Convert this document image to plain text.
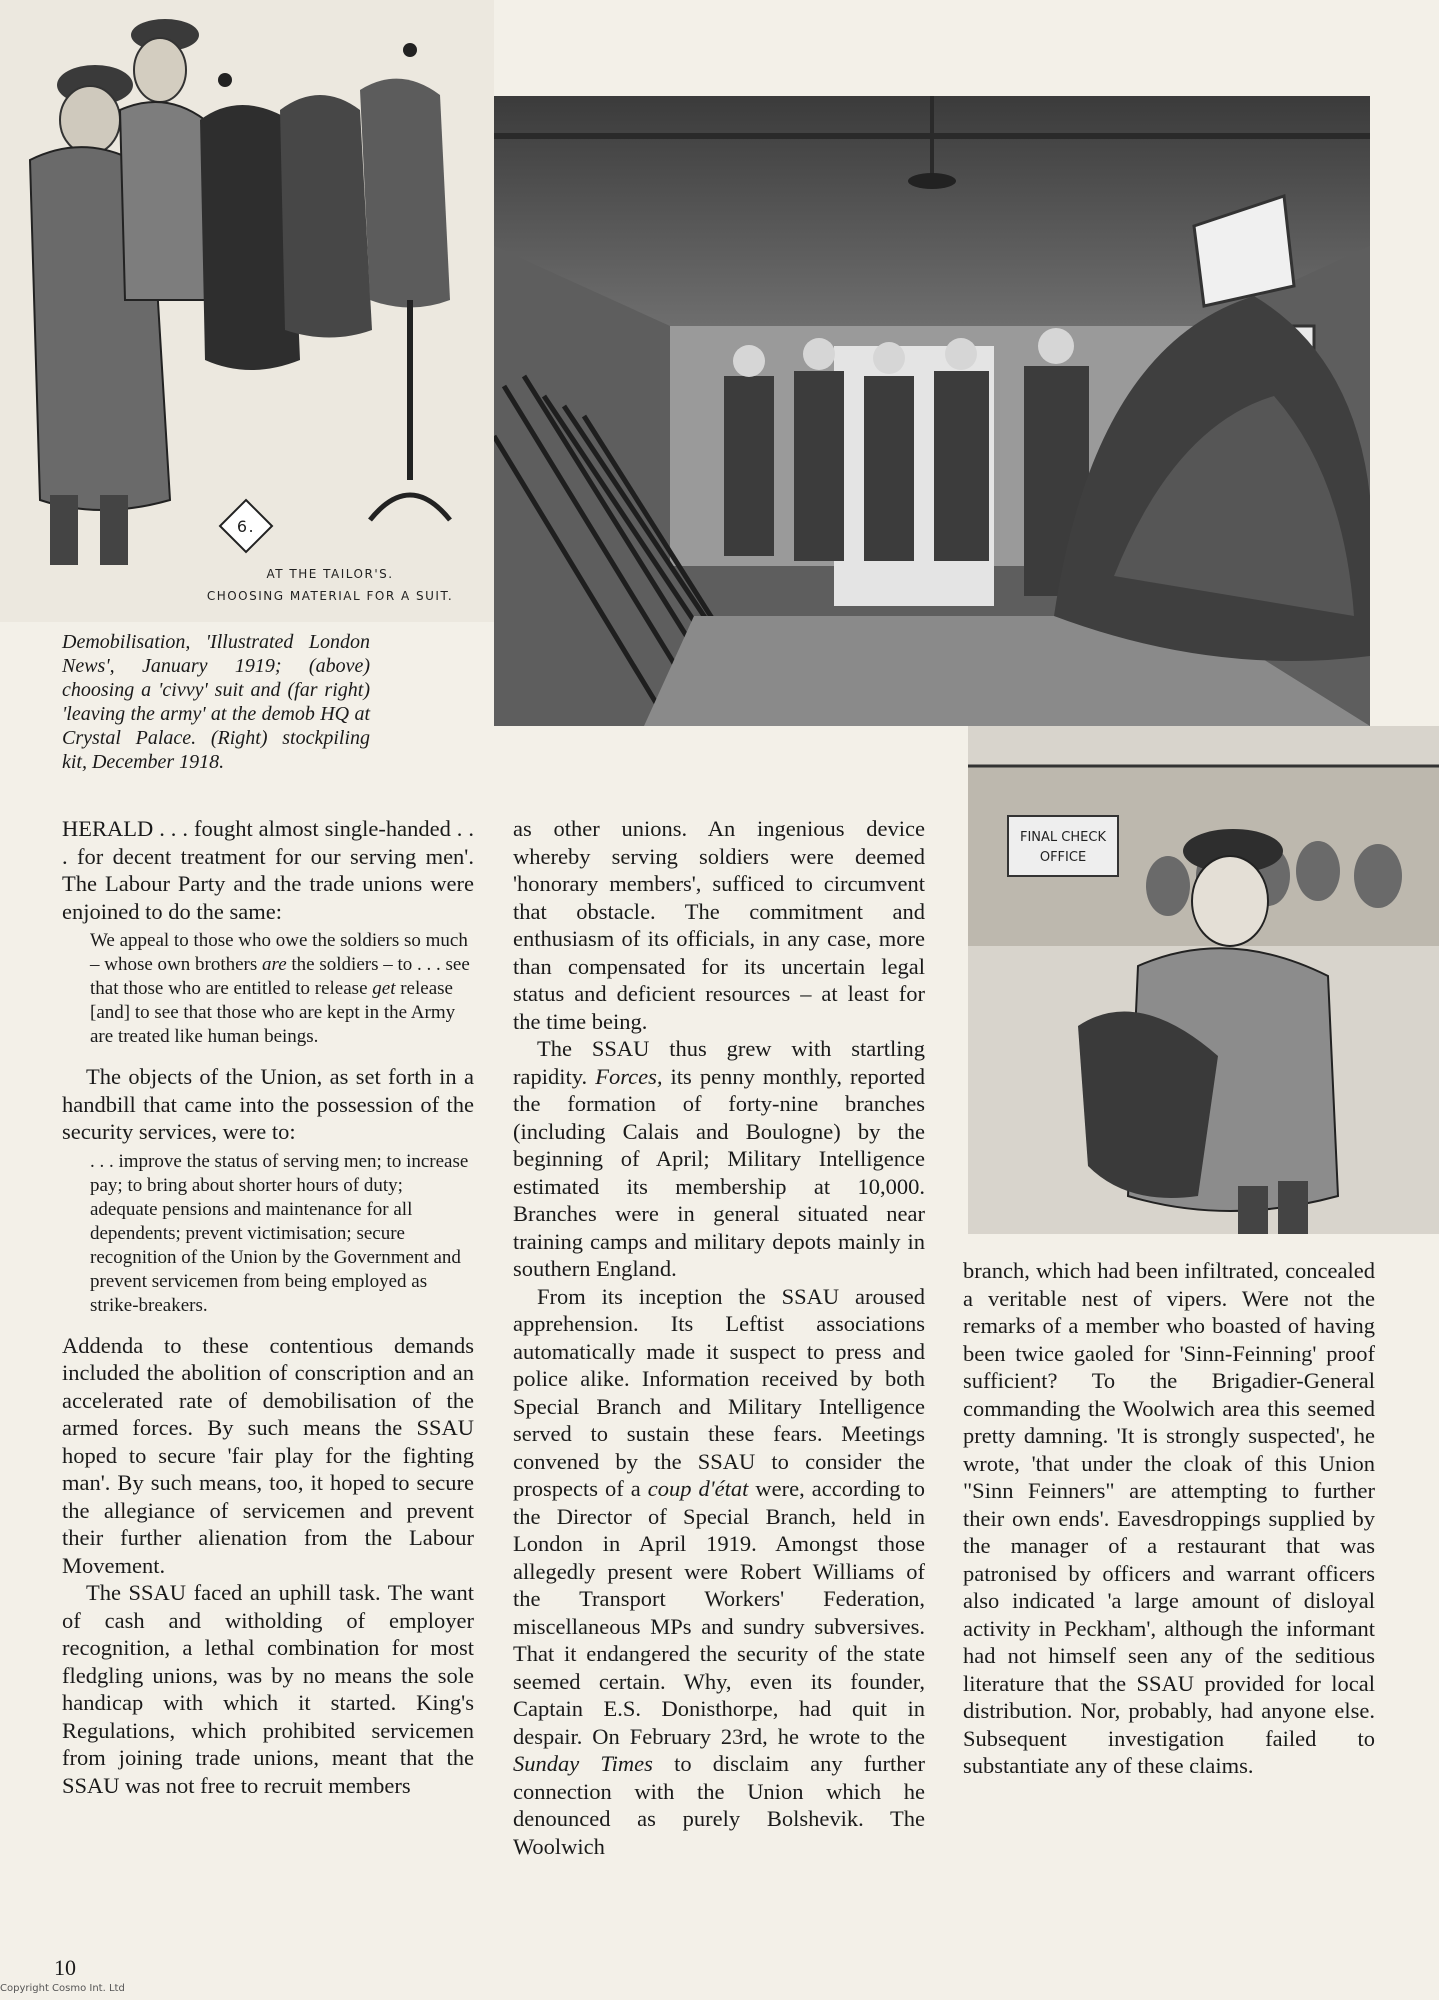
6.
AT THE TAILOR'S.
CHOOSING MATERIAL FOR A SUIT.
FINAL CHECK
OFFICE

Demobilisation, 'Illustrated London News', January 1919; (above) choosing a 'civvy' suit and (far right) 'leaving the army' at the demob HQ at Crystal Palace. (Right) stockpiling kit, December 1918.

HERALD . . . fought almost single-handed . . . for decent treatment for our serving men'. The Labour Party and the trade unions were enjoined to do the same:

We appeal to those who owe the soldiers so much – whose own brothers are the soldiers – to . . . see that those who are entitled to release get release [and] to see that those who are kept in the Army are treated like human beings.

The objects of the Union, as set forth in a handbill that came into the possession of the security services, were to:

. . . improve the status of serving men; to increase pay; to bring about shorter hours of duty; adequate pensions and maintenance for all dependents; prevent victimisation; secure recognition of the Union by the Government and prevent servicemen from being employed as strike-breakers.

Addenda to these contentious demands included the abolition of conscription and an accelerated rate of demobilisation of the armed forces. By such means the SSAU hoped to secure 'fair play for the fighting man'. By such means, too, it hoped to secure the allegiance of servicemen and prevent their further alienation from the Labour Movement.

The SSAU faced an uphill task. The want of cash and witholding of employer recognition, a lethal combination for most fledgling unions, was by no means the sole handicap with which it started. King's Regulations, which prohibited servicemen from joining trade unions, meant that the SSAU was not free to recruit members

as other unions. An ingenious device whereby serving soldiers were deemed 'honorary members', sufficed to circumvent that obstacle. The commitment and enthusiasm of its officials, in any case, more than compensated for its uncertain legal status and deficient resources – at least for the time being.

The SSAU thus grew with startling rapidity. Forces, its penny monthly, reported the formation of forty-nine branches (including Calais and Boulogne) by the beginning of April; Military Intelligence estimated its membership at 10,000. Branches were in general situated near training camps and military depots mainly in southern England.

From its inception the SSAU aroused apprehension. Its Leftist associations automatically made it suspect to press and police alike. Information received by both Special Branch and Military Intelligence served to sustain these fears. Meetings convened by the SSAU to consider the prospects of a coup d'état were, according to the Director of Special Branch, held in London in April 1919. Amongst those allegedly present were Robert Williams of the Transport Workers' Federation, miscellaneous MPs and sundry subversives. That it endangered the security of the state seemed certain. Why, even its founder, Captain E.S. Donisthorpe, had quit in despair. On February 23rd, he wrote to the Sunday Times to disclaim any further connection with the Union which he denounced as purely Bolshevik. The Woolwich

branch, which had been infiltrated, concealed a veritable nest of vipers. Were not the remarks of a member who boasted of having been twice gaoled for 'Sinn-Feinning' proof sufficient? To the Brigadier-General commanding the Woolwich area this seemed pretty damning. 'It is strongly suspected', he wrote, 'that under the cloak of this Union "Sinn Feinners" are attempting to further their own ends'. Eavesdroppings supplied by the manager of a restaurant that was patronised by officers and warrant officers also indicated 'a large amount of disloyal activity in Peckham', although the informant had not himself seen any of the seditious literature that the SSAU provided for local distribution. Nor, probably, had anyone else. Subsequent investigation failed to substantiate any of these claims.

10

Copyright Cosmo Int. Ltd
